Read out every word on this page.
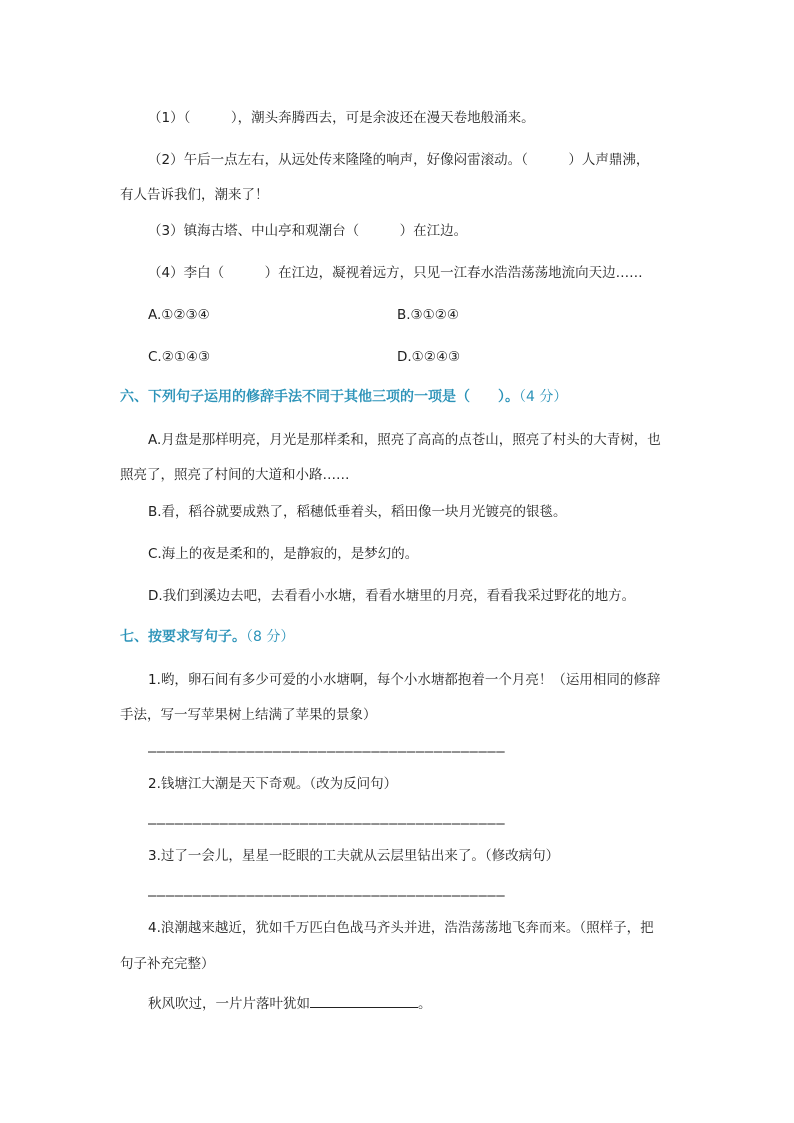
（1）（　　　），潮头奔腾西去，可是余波还在漫天卷地般涌来。
（2）午后一点左右，从远处传来隆隆的响声，好像闷雷滚动。（　　　）人声鼎沸，
有人告诉我们，潮来了！
（3）镇海古塔、中山亭和观潮台（　　　）在江边。
（4）李白（　　　）在江边，凝视着远方，只见一江春水浩浩荡荡地流向天边……
A.①②③④	B.③①②④
C.②①④③	D.①②④③
六、下列句子运用的修辞手法不同于其他三项的一项是（　　）。（4 分）
A.月盘是那样明亮，月光是那样柔和，照亮了高高的点苍山，照亮了村头的大青树，也
照亮了，照亮了村间的大道和小路……
B.看，稻谷就要成熟了，稻穗低垂着头，稻田像一块月光镀亮的银毯。
C.海上的夜是柔和的，是静寂的，是梦幻的。
D.我们到溪边去吧，去看看小水塘，看看水塘里的月亮，看看我采过野花的地方。
七、按要求写句子。（8 分）
1.哟，卵石间有多少可爱的小水塘啊，每个小水塘都抱着一个月亮！（运用相同的修辞
手法，写一写苹果树上结满了苹果的景象）
————————————————————————————————————————
2.钱塘江大潮是天下奇观。（改为反问句）
————————————————————————————————————————
3.过了一会儿，星星一眨眼的工夫就从云层里钻出来了。（修改病句）
————————————————————————————————————————
4.浪潮越来越近，犹如千万匹白色战马齐头并进，浩浩荡荡地飞奔而来。（照样子，把
句子补充完整）
秋风吹过，一片片落叶犹如	。
